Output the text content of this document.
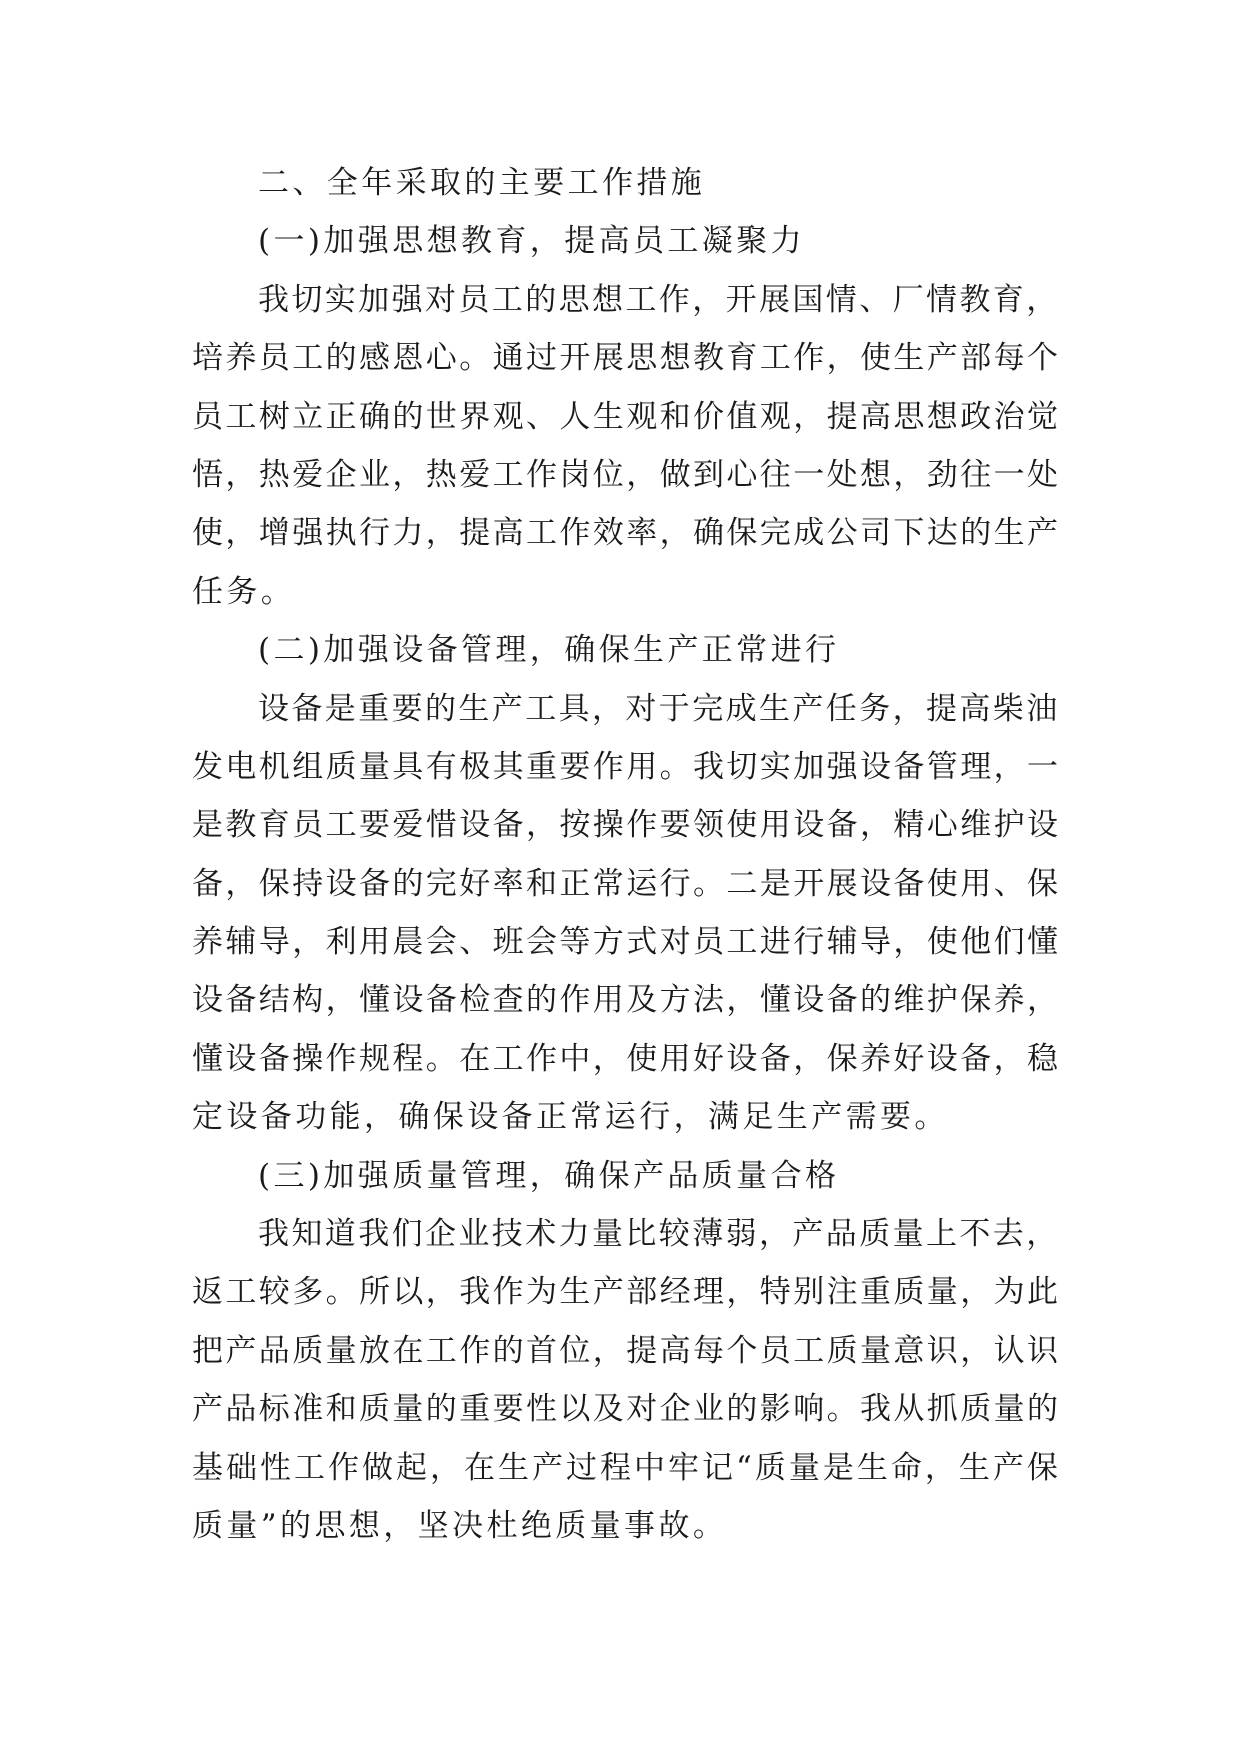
二、全年采取的主要工作措施
(一)加强思想教育，提高员工凝聚力
我切实加强对员工的思想工作，开展国情、厂情教育，
培养员工的感恩心。通过开展思想教育工作，使生产部每个
员工树立正确的世界观、人生观和价值观，提高思想政治觉
悟，热爱企业，热爱工作岗位，做到心往一处想，劲往一处
使，增强执行力，提高工作效率，确保完成公司下达的生产
任务。
(二)加强设备管理，确保生产正常进行
设备是重要的生产工具，对于完成生产任务，提高柴油
发电机组质量具有极其重要作用。我切实加强设备管理，一
是教育员工要爱惜设备，按操作要领使用设备，精心维护设
备，保持设备的完好率和正常运行。二是开展设备使用、保
养辅导，利用晨会、班会等方式对员工进行辅导，使他们懂
设备结构，懂设备检查的作用及方法，懂设备的维护保养，
懂设备操作规程。在工作中，使用好设备，保养好设备，稳
定设备功能，确保设备正常运行，满足生产需要。
(三)加强质量管理，确保产品质量合格
我知道我们企业技术力量比较薄弱，产品质量上不去，
返工较多。所以，我作为生产部经理，特别注重质量，为此
把产品质量放在工作的首位，提高每个员工质量意识，认识
产品标准和质量的重要性以及对企业的影响。我从抓质量的
基础性工作做起，在生产过程中牢记“质量是生命，生产保
质量”的思想，坚决杜绝质量事故。
